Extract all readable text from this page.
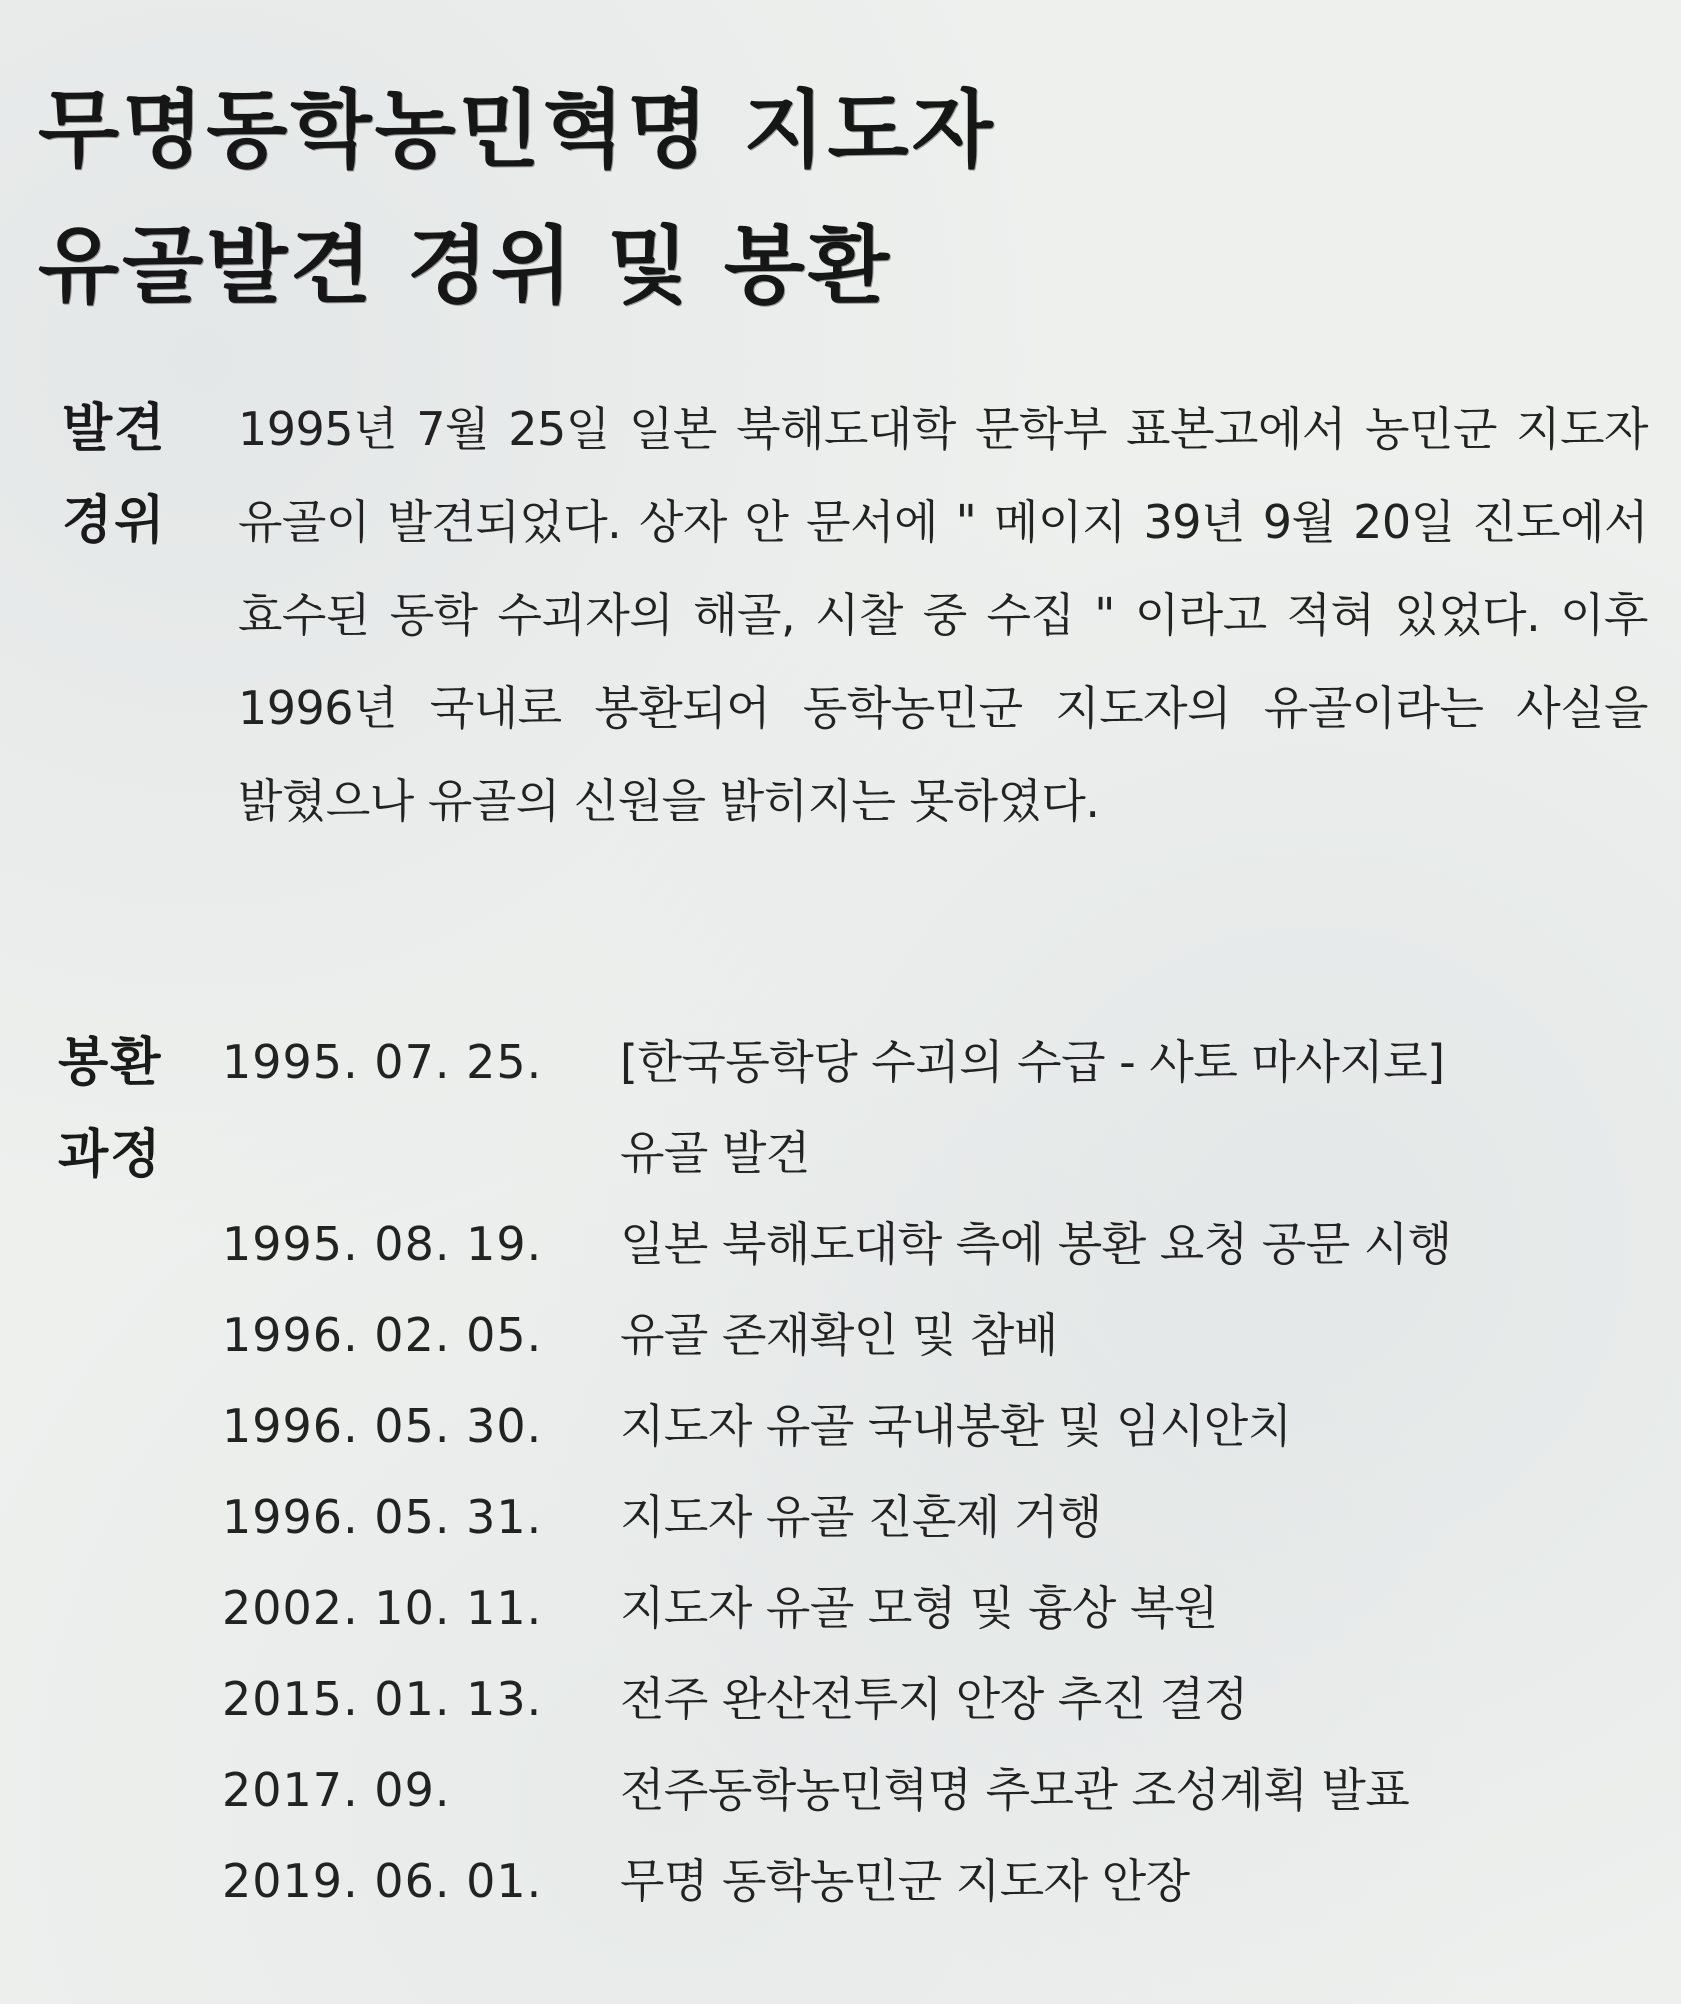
무명동학농민혁명 지도자
유골발견 경위 및 봉환
발견
경위

1995년 7월 25일 일본 북해도대학 문학부 표본고에서 농민군 지도자 유골이 발견되었다. 상자 안 문서에 " 메이지 39년 9월 20일 진도에서 효수된 동학 수괴자의 해골, 시찰 중 수집 " 이라고 적혀 있었다. 이후 1996년 국내로 봉환되어 동학농민군 지도자의 유골이라는 사실을 밝혔으나 유골의 신원을 밝히지는 못하였다.

봉환
과정
1995. 07. 25.	[한국동학당 수괴의 수급 - 사토 마사지로]
유골 발견
1995. 08. 19.	일본 북해도대학 측에 봉환 요청 공문 시행
1996. 02. 05.	유골 존재확인 및 참배
1996. 05. 30.	지도자 유골 국내봉환 및 임시안치
1996. 05. 31.	지도자 유골 진혼제 거행
2002. 10. 11.	지도자 유골 모형 및 흉상 복원
2015. 01. 13.	전주 완산전투지 안장 추진 결정
2017. 09.	전주동학농민혁명 추모관 조성계획 발표
2019. 06. 01.	무명 동학농민군 지도자 안장
